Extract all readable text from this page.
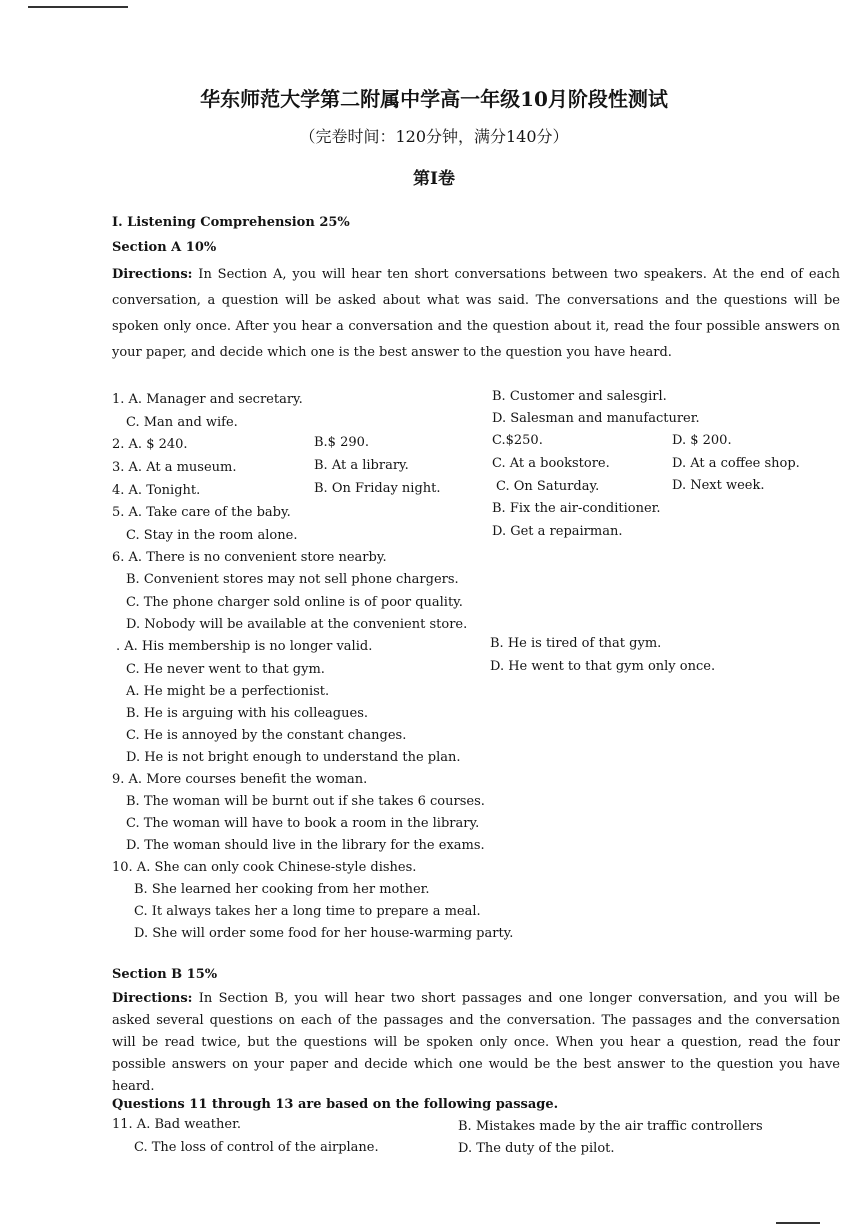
华东师范大学第二附属中学高一年级10月阶段性测试
（完卷时间：120分钟，满分140分）
第I卷
I. Listening Comprehension 25%
Section A 10%
Directions: In Section A, you will hear ten short conversations between two speakers. At the end of each conversation, a question will be asked about what was said. The conversations and the questions will be spoken only once. After you hear a conversation and the question about it, read the four possible answers on your paper, and decide which one is the best answer to the question you have heard.
1. A. Manager and secretary.	B. Customer and salesgirl.
C. Man and wife.	D. Salesman and manufacturer.
2. A. $ 240.	B.$ 290.	C.$250.	D. $ 200.
3. A. At a museum.	B. At a library.	C. At a bookstore.	D. At a coffee shop.
4. A. Tonight.	B. On Friday night.	C. On Saturday.	D. Next week.
5. A. Take care of the baby.	B. Fix the air-conditioner.
C. Stay in the room alone.	D. Get a repairman.
6. A. There is no convenient store nearby.
B. Convenient stores may not sell phone chargers.
C. The phone charger sold online is of poor quality.
D. Nobody will be available at the convenient store.
. A. His membership is no longer valid.	B. He is tired of that gym.
C. He never went to that gym.	D. He went to that gym only once.
A. He might be a perfectionist.
B. He is arguing with his colleagues.
C. He is annoyed by the constant changes.
D. He is not bright enough to understand the plan.
9. A. More courses benefit the woman.
B. The woman will be burnt out if she takes 6 courses.
C. The woman will have to book a room in the library.
D. The woman should live in the library for the exams.
10. A. She can only cook Chinese-style dishes.
B. She learned her cooking from her mother.
C. It always takes her a long time to prepare a meal.
D. She will order some food for her house-warming party.
Section B 15%
Directions: In Section B, you will hear two short passages and one longer conversation, and you will be asked several questions on each of the passages and the conversation. The passages and the conversation will be read twice, but the questions will be spoken only once. When you hear a question, read the four possible answers on your paper and decide which one would be the best answer to the question you have heard.
Questions 11 through 13 are based on the following passage.
11. A. Bad weather.	B. Mistakes made by the air traffic controllers
C. The loss of control of the airplane.	D. The duty of the pilot.
